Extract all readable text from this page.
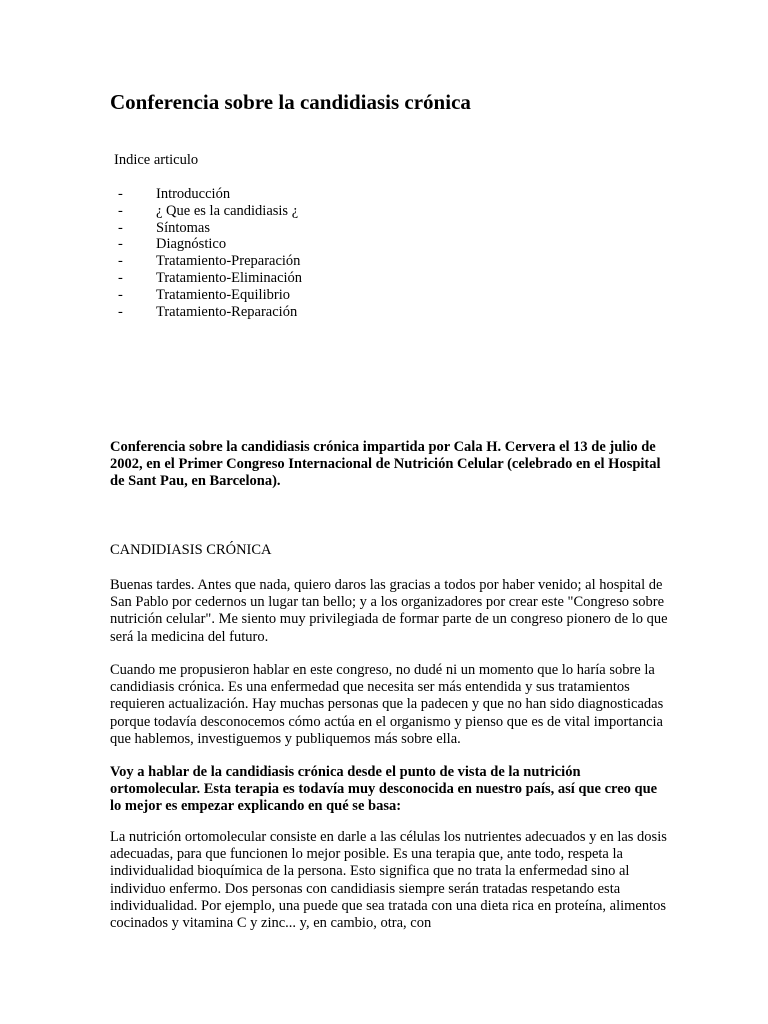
Conferencia sobre la candidiasis crónica

Indice articulo

- Introducción
- ¿ Que es la candidiasis ¿
- Síntomas
- Diagnóstico
- Tratamiento-Preparación
- Tratamiento-Eliminación
- Tratamiento-Equilibrio
- Tratamiento-Reparación

Conferencia sobre la candidiasis crónica impartida por Cala H. Cervera el 13 de julio de 2002, en el Primer Congreso Internacional de Nutrición Celular (celebrado en el Hospital de Sant Pau, en Barcelona).

CANDIDIASIS CRÓNICA

Buenas tardes. Antes que nada, quiero daros las gracias a todos por haber venido; al hospital de San Pablo por cedernos un lugar tan bello; y a los organizadores por crear este "Congreso sobre nutrición celular". Me siento muy privilegiada de formar parte de un congreso pionero de lo que será la medicina del futuro.

Cuando me propusieron hablar en este congreso, no dudé ni un momento que lo haría sobre la candidiasis crónica. Es una enfermedad que necesita ser más entendida y sus tratamientos requieren actualización. Hay muchas personas que la padecen y que no han sido diagnosticadas porque todavía desconocemos cómo actúa en el organismo y pienso que es de vital importancia que hablemos, investiguemos y publiquemos más sobre ella.

Voy a hablar de la candidiasis crónica desde el punto de vista de la nutrición ortomolecular. Esta terapia es todavía muy desconocida en nuestro país, así que creo que lo mejor es empezar explicando en qué se basa:

La nutrición ortomolecular consiste en darle a las células los nutrientes adecuados y en las dosis adecuadas, para que funcionen lo mejor posible. Es una terapia que, ante todo, respeta la individualidad bioquímica de la persona. Esto significa que no trata la enfermedad sino al individuo enfermo. Dos personas con candidiasis siempre serán tratadas respetando esta individualidad. Por ejemplo, una puede que sea tratada con una dieta rica en proteína, alimentos cocinados y vitamina C y zinc... y, en cambio, otra, con
